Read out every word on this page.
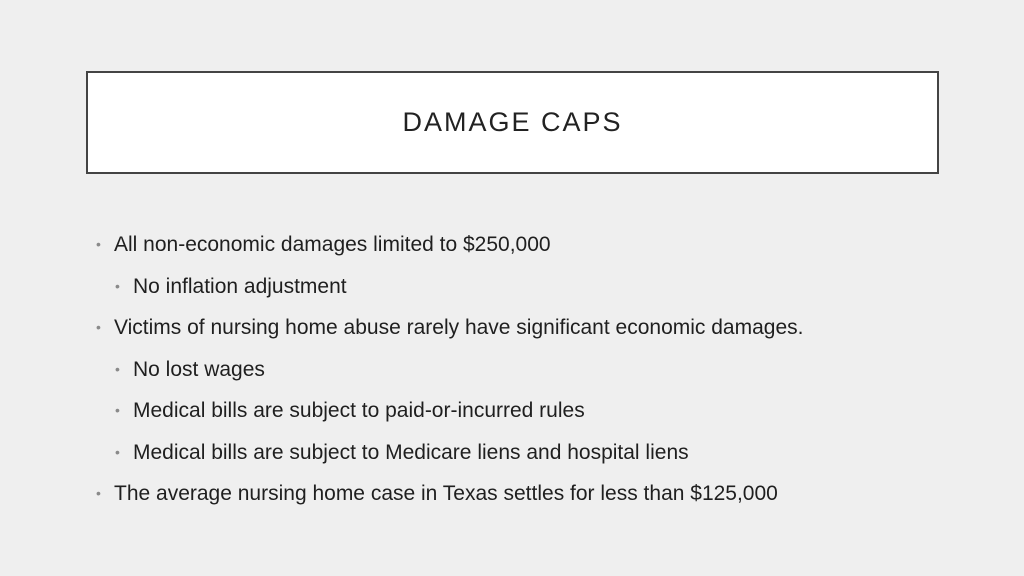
DAMAGE CAPS
• All non-economic damages limited to $250,000
• No inflation adjustment
• Victims of nursing home abuse rarely have significant economic damages.
• No lost wages
• Medical bills are subject to paid-or-incurred rules
• Medical bills are subject to Medicare liens and hospital liens
• The average nursing home case in Texas settles for less than $125,000
